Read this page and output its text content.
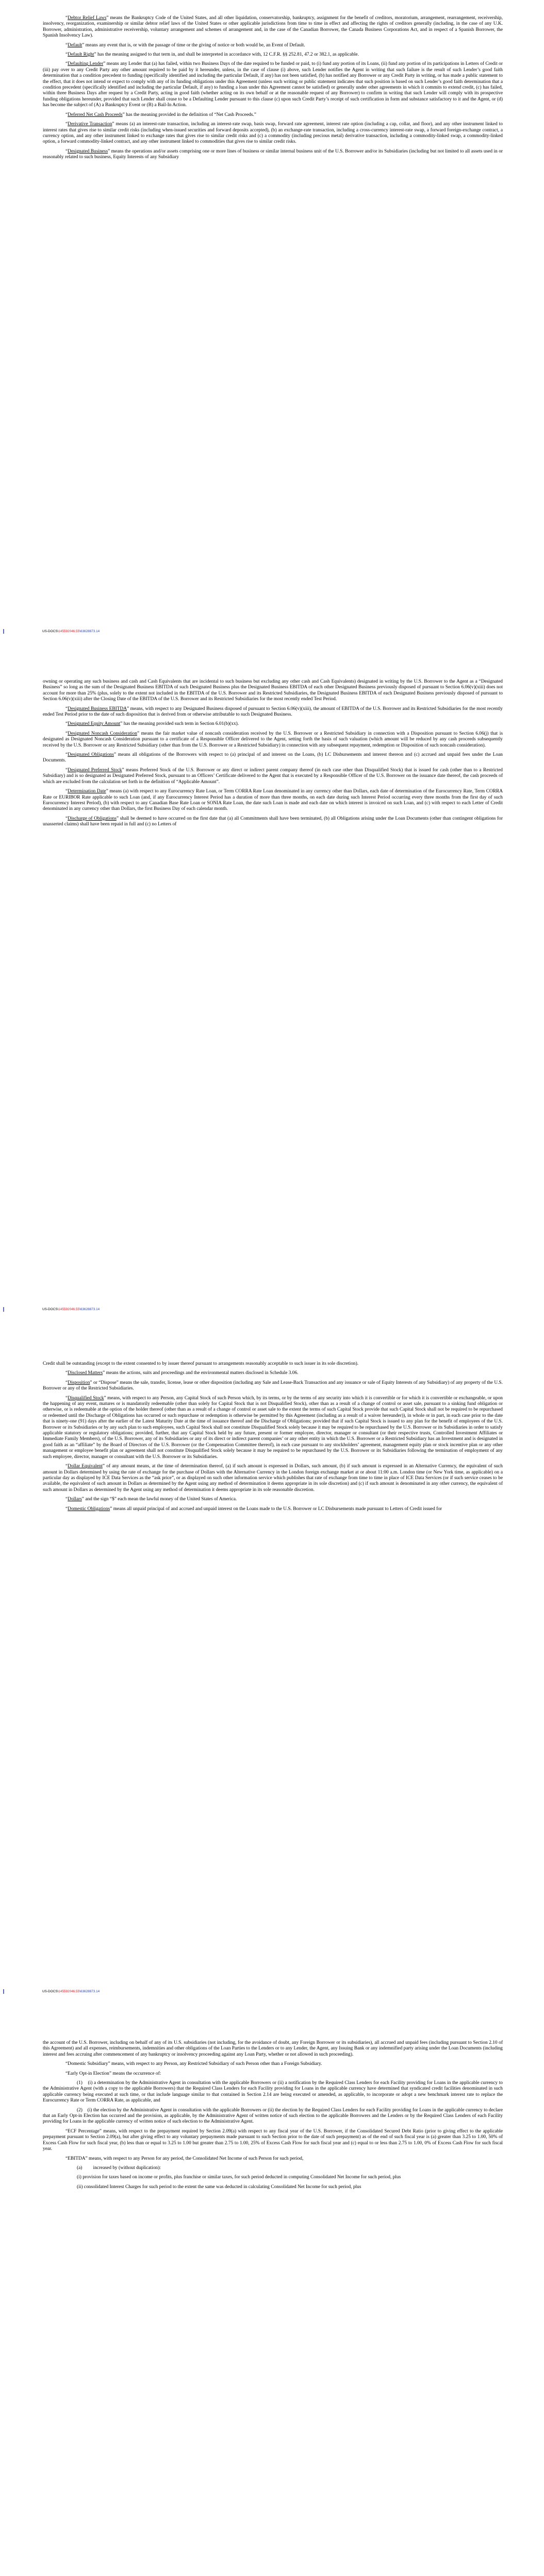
“Debtor Relief Laws” means the Bankruptcy Code of the United States, and all other liquidation, conservatorship, bankruptcy, assignment for the benefit of creditors, moratorium, arrangement, rearrangement, receivership, insolvency, reorganization, examinership or similar debtor relief laws of the United States or other applicable jurisdictions from time to time in effect and affecting the rights of creditors generally (including, in the case of any U.K. Borrower, administration, administrative receivership, voluntary arrangement and schemes of arrangement and, in the case of the Canadian Borrower, the Canada Business Corporations Act, and in respect of a Spanish Borrower, the Spanish Insolvency Law).

“Default” means any event that is, or with the passage of time or the giving of notice or both would be, an Event of Default.

“Default Right” has the meaning assigned to that term in, and shall be interpreted in accordance with, 12 C.F.R. §§ 252.81, 47.2 or 382.1, as applicable.

“Defaulting Lender” means any Lender that (a) has failed, within two Business Days of the date required to be funded or paid, to (i) fund any portion of its Loans, (ii) fund any portion of its participations in Letters of Credit or (iii) pay over to any Credit Party any other amount required to be paid by it hereunder, unless, in the case of clause (i) above, such Lender notifies the Agent in writing that such failure is the result of such Lender’s good faith determination that a condition precedent to funding (specifically identified and including the particular Default, if any) has not been satisfied, (b) has notified any Borrower or any Credit Party in writing, or has made a public statement to the effect, that it does not intend or expect to comply with any of its funding obligations under this Agreement (unless such writing or public statement indicates that such position is based on such Lender’s good faith determination that a condition precedent (specifically identified and including the particular Default, if any) to funding a loan under this Agreement cannot be satisfied) or generally under other agreements in which it commits to extend credit, (c) has failed, within three Business Days after request by a Credit Party, acting in good faith (whether acting on its own behalf or at the reasonable request of any Borrower) to confirm in writing that such Lender will comply with its prospective funding obligations hereunder, provided that such Lender shall cease to be a Defaulting Lender pursuant to this clause (c) upon such Credit Party’s receipt of such certification in form and substance satisfactory to it and the Agent, or (d) has become the subject of (A) a Bankruptcy Event or (B) a Bail-In Action.

“Deferred Net Cash Proceeds” has the meaning provided in the definition of “Net Cash Proceeds.”

“Derivative Transaction” means (a) an interest-rate transaction, including an interest-rate swap, basis swap, forward rate agreement, interest rate option (including a cap, collar, and floor), and any other instrument linked to interest rates that gives rise to similar credit risks (including when-issued securities and forward deposits accepted), (b) an exchange-rate transaction, including a cross-currency interest-rate swap, a forward foreign-exchange contract, a currency option, and any other instrument linked to exchange rates that gives rise to similar credit risks and (c) a commodity (including precious metal) derivative transaction, including a commodity-linked swap, a commodity-linked option, a forward commodity-linked contract, and any other instrument linked to commodities that gives rise to similar credit risks.

“Designated Business” means the operations and/or assets comprising one or more lines of business or similar internal business unit of the U.S. Borrower and/or its Subsidiaries (including but not limited to all assets used in or reasonably related to such business, Equity Interests of any Subsidiary

US-DOCS\145592046.55\63628873.14

owning or operating any such business and cash and Cash Equivalents that are incidental to such business but excluding any other cash and Cash Equivalents) designated in writing by the U.S. Borrower to the Agent as a “Designated Business” so long as the sum of the Designated Business EBITDA of such Designated Business plus the Designated Business EBITDA of each other Designated Business previously disposed of pursuant to Section 6.06(v)(xiii) does not account for more than 25% (plus, solely to the extent not included in the EBITDA of the U.S. Borrower and its Restricted Subsidiaries, the Designated Business EBITDA of each Designated Business previously disposed of pursuant to Section 6.06(v)(xiii) after the Closing Date of the EBITDA of the U.S. Borrower and its Restricted Subsidiaries for the most recently ended Test Period.

“Designated Business EBITDA” means, with respect to any Designated Business disposed of pursuant to Section 6.06(v)(xiii), the amount of EBITDA of the U.S. Borrower and its Restricted Subsidiaries for the most recently ended Test Period prior to the date of such disposition that is derived from or otherwise attributable to such Designated Business.

“Designated Equity Amount” has the meaning provided such term in Section 6.01(b)(xx).

“Designated Noncash Consideration” means the fair market value of noncash consideration received by the U.S. Borrower or a Restricted Subsidiary in connection with a Disposition pursuant to Section 6.06(j) that is designated as Designated Noncash Consideration pursuant to a certificate of a Responsible Officer delivered to the Agent, setting forth the basis of such valuation (which amount will be reduced by any cash proceeds subsequently received by the U.S. Borrower or any Restricted Subsidiary (other than from the U.S. Borrower or a Restricted Subsidiary) in connection with any subsequent repayment, redemption or Disposition of such noncash consideration).

“Designated Obligations” means all obligations of the Borrowers with respect to (a) principal of and interest on the Loans, (b) LC Disbursements and interest thereon and (c) accrued and unpaid fees under the Loan Documents.

“Designated Preferred Stock” means Preferred Stock of the U.S. Borrower or any direct or indirect parent company thereof (in each case other than Disqualified Stock) that is issued for cash (other than to a Restricted Subsidiary) and is so designated as Designated Preferred Stock, pursuant to an Officers’ Certificate delivered to the Agent that is executed by a Responsible Officer of the U.S. Borrower on the issuance date thereof, the cash proceeds of which are excluded from the calculation set forth in the definition of “Applicable Amount”.

“Determination Date” means (a) with respect to any Eurocurrency Rate Loan, or Term CORRA Rate Loan denominated in any currency other than Dollars, each date of determination of the Eurocurrency Rate, Term CORRA Rate or EURIBOR Rate applicable to such Loan (and, if any Eurocurrency Interest Period has a duration of more than three months, on each date during such Interest Period occurring every three months from the first day of such Eurocurrency Interest Period), (b) with respect to any Canadian Base Rate Loan or SONIA Rate Loan, the date such Loan is made and each date on which interest is invoiced on such Loan, and (c) with respect to each Letter of Credit denominated in any currency other than Dollars, the first Business Day of each calendar month.

“Discharge of Obligations” shall be deemed to have occurred on the first date that (a) all Commitments shall have been terminated, (b) all Obligations arising under the Loan Documents (other than contingent obligations for unasserted claims) shall have been repaid in full and (c) no Letters of

US-DOCS\145592046.55\63628873.14

Credit shall be outstanding (except to the extent consented to by issuer thereof pursuant to arrangements reasonably acceptable to such issuer in its sole discretion).

“Disclosed Matters” means the actions, suits and proceedings and the environmental matters disclosed in Schedule 3.06.

“Disposition” or “Dispose” means the sale, transfer, license, lease or other disposition (including any Sale and Lease-Back Transaction and any issuance or sale of Equity Interests of any Subsidiary) of any property of the U.S. Borrower or any of the Restricted Subsidiaries.

“Disqualified Stock” means, with respect to any Person, any Capital Stock of such Person which, by its terms, or by the terms of any security into which it is convertible or for which it is convertible or exchangeable, or upon the happening of any event, matures or is mandatorily redeemable (other than solely for Capital Stock that is not Disqualified Stock), other than as a result of a change of control or asset sale, pursuant to a sinking fund obligation or otherwise, or is redeemable at the option of the holder thereof (other than as a result of a change of control or asset sale to the extent the terms of such Capital Stock provide that such Capital Stock shall not be required to be repurchased or redeemed until the Discharge of Obligations has occurred or such repurchase or redemption is otherwise be permitted by this Agreement (including as a result of a waiver hereunder)), in whole or in part, in each case prior to the date that is ninety-one (91) days after the earlier of the Latest Maturity Date at the time of issuance thereof and the Discharge of Obligations; provided that if such Capital Stock is issued to any plan for the benefit of employees of the U.S. Borrower or its Subsidiaries or by any such plan to such employees, such Capital Stock shall not constitute Disqualified Stock solely because it may be required to be repurchased by the U.S. Borrower or its Subsidiaries in order to satisfy applicable statutory or regulatory obligations; provided, further, that any Capital Stock held by any future, present or former employee, director, manager or consultant (or their respective trusts, Controlled Investment Affiliates or Immediate Family Members), of the U.S. Borrower, any of its Subsidiaries or any of its direct or indirect parent companies’ or any other entity in which the U.S. Borrower or a Restricted Subsidiary has an Investment and is designated in good faith as an “affiliate” by the Board of Directors of the U.S. Borrower (or the Compensation Committee thereof), in each case pursuant to any stockholders’ agreement, management equity plan or stock incentive plan or any other management or employee benefit plan or agreement shall not constitute Disqualified Stock solely because it may be required to be repurchased by the U.S. Borrower or its Subsidiaries following the termination of employment of any such employee, director, manager or consultant with the U.S. Borrower or its Subsidiaries.

“Dollar Equivalent” of any amount means, at the time of determination thereof, (a) if such amount is expressed in Dollars, such amount, (b) if such amount is expressed in an Alternative Currency, the equivalent of such amount in Dollars determined by using the rate of exchange for the purchase of Dollars with the Alternative Currency in the London foreign exchange market at or about 11:00 a.m. London time (or New York time, as applicable) on a particular day as displayed by ICE Data Services as the “ask price”, or as displayed on such other information service which publishes that rate of exchange from time to time in place of ICE Data Services (or if such service ceases to be available, the equivalent of such amount in Dollars as determined by the Agent using any method of determination it deems appropriate in its sole discretion) and (c) if such amount is denominated in any other currency, the equivalent of such amount in Dollars as determined by the Agent using any method of determination it deems appropriate in its sole reasonable discretion.

“Dollars” and the sign “$” each mean the lawful money of the United States of America.

“Domestic Obligations” means all unpaid principal of and accrued and unpaid interest on the Loans made to the U.S. Borrower or LC Disbursements made pursuant to Letters of Credit issued for

US-DOCS\145592046.55\63628873.14

the account of the U.S. Borrower, including on behalf of any of its U.S. subsidiaries (not including, for the avoidance of doubt, any Foreign Borrower or its subsidiaries), all accrued and unpaid fees (including pursuant to Section 2.10 of this Agreement) and all expenses, reimbursements, indemnities and other obligations of the Loan Parties to the Lenders or to any Lender, the Agent, any Issuing Bank or any indemnified party arising under the Loan Documents (including interest and fees accruing after commencement of any bankruptcy or insolvency proceeding against any Loan Party, whether or not allowed in such proceeding).

“Domestic Subsidiary” means, with respect to any Person, any Restricted Subsidiary of such Person other than a Foreign Subsidiary.

“Early Opt-in Election” means the occurrence of:

(1)    (i) a determination by the Administrative Agent in consultation with the applicable Borrowers or (ii) a notification by the Required Class Lenders for each Facility providing for Loans in the applicable currency to the Administrative Agent (with a copy to the applicable Borrowers) that the Required Class Lenders for each Facility providing for Loans in the applicable currency have determined that syndicated credit facilities denominated in such applicable currency being executed at such time, or that include language similar to that contained in Section 2.14 are being executed or amended, as applicable, to incorporate or adopt a new benchmark interest rate to replace the Eurocurrency Rate or Term CORRA Rate, as applicable, and

(2)    (i) the election by the Administrative Agent in consultation with the applicable Borrowers or (ii) the election by the Required Class Lenders for each Facility providing for Loans in the applicable currency to declare that an Early Opt-in Election has occurred and the provision, as applicable, by the Administrative Agent of written notice of such election to the applicable Borrowers and the Lenders or by the Required Class Lenders of each Facility providing for Loans in the applicable currency of written notice of such election to the Administrative Agent.

“ECF Percentage” means, with respect to the prepayment required by Section 2.09(a) with respect to any fiscal year of the U.S. Borrower, if the Consolidated Secured Debt Ratio (prior to giving effect to the applicable prepayment pursuant to Section 2.09(a), but after giving effect to any voluntary prepayments made pursuant to such Section prior to the date of such prepayment) as of the end of such fiscal year is (a) greater than 3.25 to 1.00, 50% of Excess Cash Flow for such fiscal year, (b) less than or equal to 3.25 to 1.00 but greater than 2.75 to 1.00, 25% of Excess Cash Flow for such fiscal year and (c) equal to or less than 2.75 to 1.00, 0% of Excess Cash Flow for such fiscal year.

“EBITDA” means, with respect to any Person for any period, the Consolidated Net Income of such Person for such period,

(a)         increased by (without duplication):

(i) provision for taxes based on income or profits, plus franchise or similar taxes, for such period deducted in computing Consolidated Net Income for such period, plus

(ii) consolidated Interest Charges for such period to the extent the same was deducted in calculating Consolidated Net Income for such period, plus
